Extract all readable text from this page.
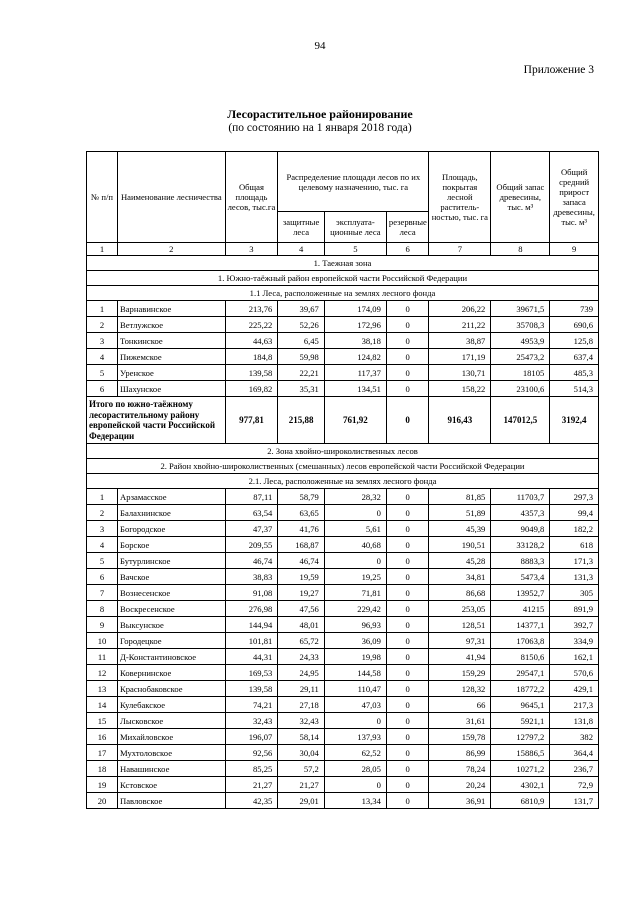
94
Приложение 3
Лесорастительное районирование
(по состоянию на 1 января 2018 года)
№ п/п	Наименование лесничества	Общая площадь лесов, тыс.га	Распределение площади лесов по их целевому назначению, тыс. га			Площадь, покрытая лесной раститель-ностью, тыс. га	Общий запас древесины, тыс. м³	Общий средний прирост запаса древесины, тыс. м³
			защитные леса	эксплуата-ционные леса	резервные леса			
1	2	3	4	5	6	7	8	9
1. Таежная зона								
1. Южно-таёжный район европейской части Российской Федерации								
1.1 Леса, расположенные на землях лесного фонда								
1	Варнавинское	213,76	39,67	174,09	0	206,22	39671,5	739
2	Ветлужское	225,22	52,26	172,96	0	211,22	35708,3	690,6
3	Тонкинское	44,63	6,45	38,18	0	38,87	4953,9	125,8
4	Пижемское	184,8	59,98	124,82	0	171,19	25473,2	637,4
5	Уренское	139,58	22,21	117,37	0	130,71	18105	485,3
6	Шахунское	169,82	35,31	134,51	0	158,22	23100,6	514,3
Итого по южно-таёжному лесорастительному району европейской части Российской Федерации		977,81	215,88	761,92	0	916,43	147012,5	3192,4
2. Зона хвойно-широколиственных лесов								
2. Район хвойно-широколиственных (смешанных) лесов европейской части Российской Федерации								
2.1. Леса, расположенные на землях лесного фонда								
1	Арзамасское	87,11	58,79	28,32	0	81,85	11703,7	297,3
2	Балахнинское	63,54	63,65	0	0	51,89	4357,3	99,4
3	Богородское	47,37	41,76	5,61	0	45,39	9049,8	182,2
4	Борское	209,55	168,87	40,68	0	190,51	33128,2	618
5	Бутурлинское	46,74	46,74	0	0	45,28	8883,3	171,3
6	Вачское	38,83	19,59	19,25	0	34,81	5473,4	131,3
7	Вознесенское	91,08	19,27	71,81	0	86,68	13952,7	305
8	Воскресенское	276,98	47,56	229,42	0	253,05	41215	891,9
9	Выксунское	144,94	48,01	96,93	0	128,51	14377,1	392,7
10	Городецкое	101,81	65,72	36,09	0	97,31	17063,8	334,9
11	Д-Константиновское	44,31	24,33	19,98	0	41,94	8150,6	162,1
12	Ковернинское	169,53	24,95	144,58	0	159,29	29547,1	570,6
13	Краснобаковское	139,58	29,11	110,47	0	128,32	18772,2	429,1
14	Кулебакское	74,21	27,18	47,03	0	66	9645,1	217,3
15	Лысковское	32,43	32,43	0	0	31,61	5921,1	131,8
16	Михайловское	196,07	58,14	137,93	0	159,78	12797,2	382
17	Мухтоловское	92,56	30,04	62,52	0	86,99	15886,5	364,4
18	Навашинское	85,25	57,2	28,05	0	78,24	10271,2	236,7
19	Кстовское	21,27	21,27	0	0	20,24	4302,1	72,9
20	Павловское	42,35	29,01	13,34	0	36,91	6810,9	131,7
